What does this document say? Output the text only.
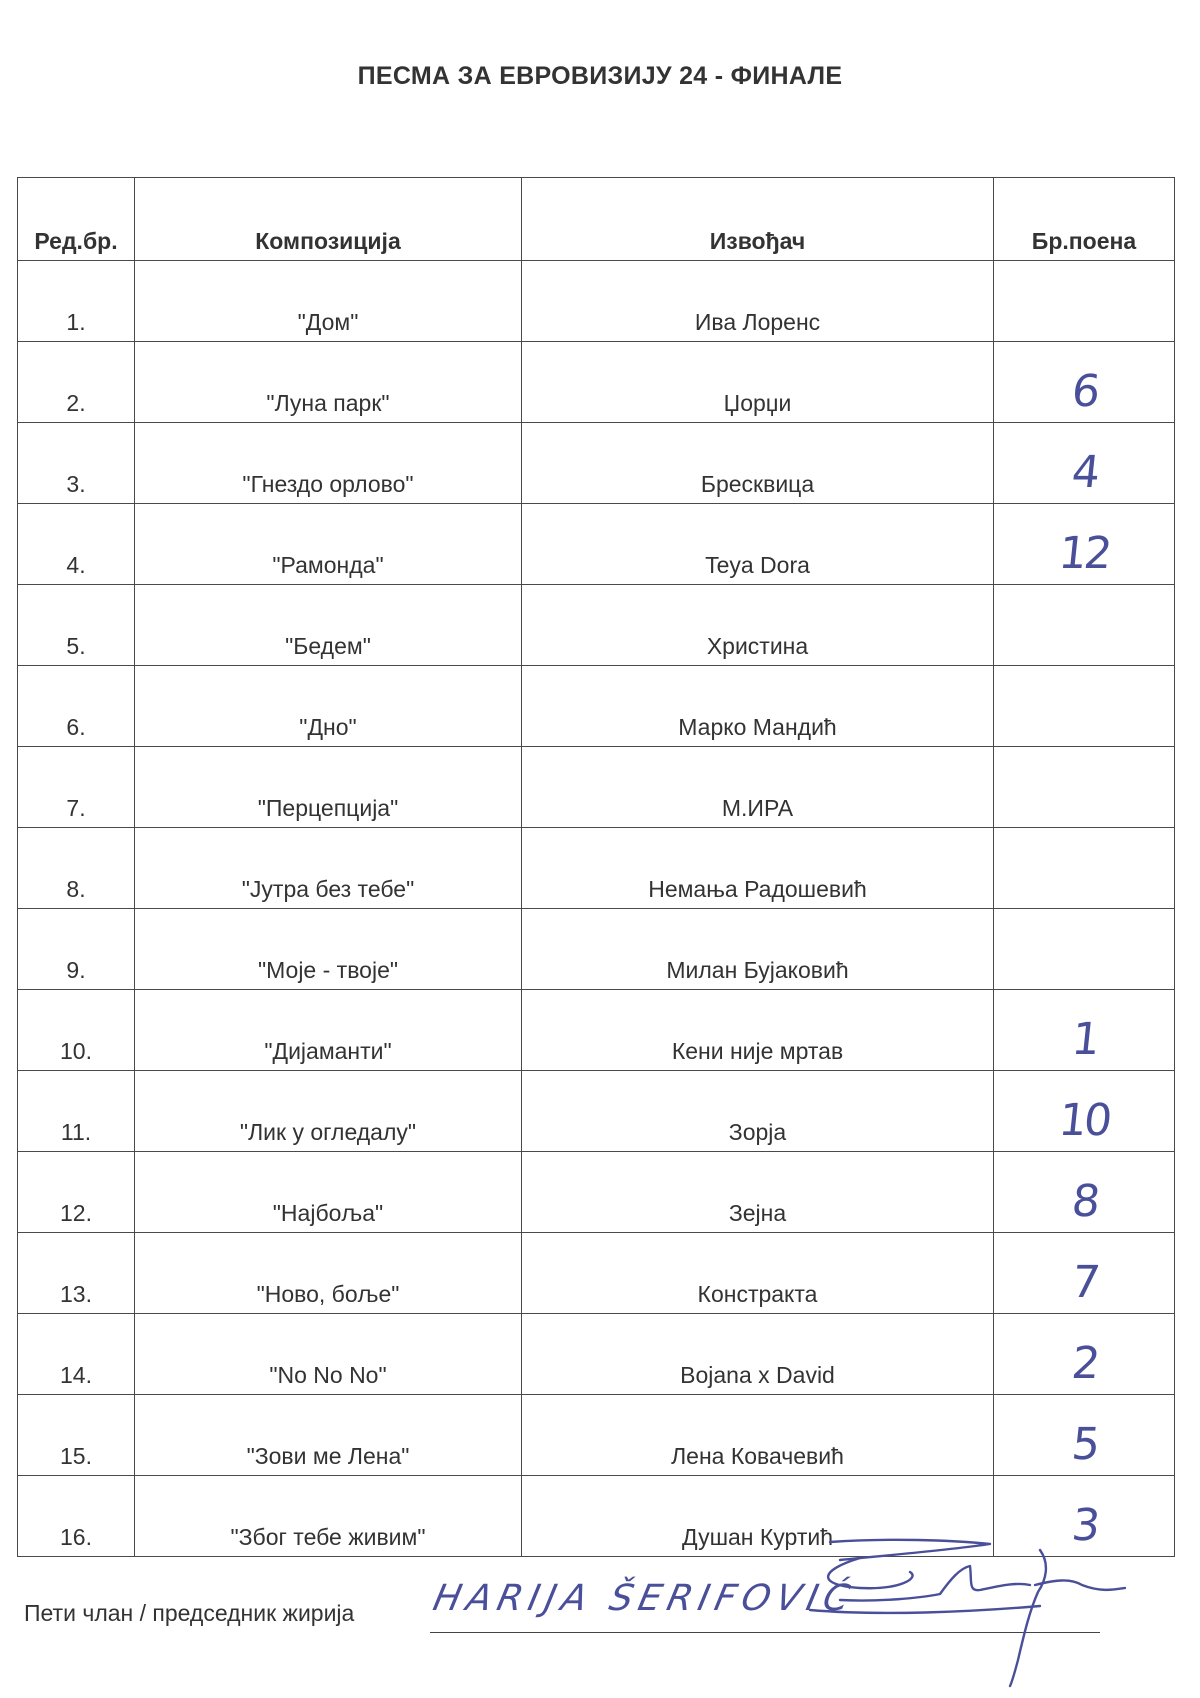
ПЕСМА ЗА ЕВРОВИЗИЈУ 24 - ФИНАЛЕ
Ред.бр.	Композиција	Извођач	Бр.поена
1.	"Дом"	Ива Лоренс	
2.	"Луна парк"	Џорџи	6
3.	"Гнездо орлово"	Бресквица	4
4.	"Рамонда"	Teya Dora	12
5.	"Бедем"	Христина	
6.	"Дно"	Марко Мандић	
7.	"Перцепција"	M.ИРА	
8.	"Јутра без тебе"	Немања Радошевић	
9.	"Моје - твоје"	Милан Бујаковић	
10.	"Дијаманти"	Кени није мртав	1
11.	"Лик у огледалу"	Зорја	10
12.	"Најбоља"	Зејна	8
13.	"Ново, боље"	Констракта	7
14.	"No No No"	Bojana x David	2
15.	"Зови ме Лена"	Лена Ковачевић	5
16.	"Због тебе живим"	Душан Куртић	3
Пети члан / председник жирија HARIJA ŠERIFOVIĆ
